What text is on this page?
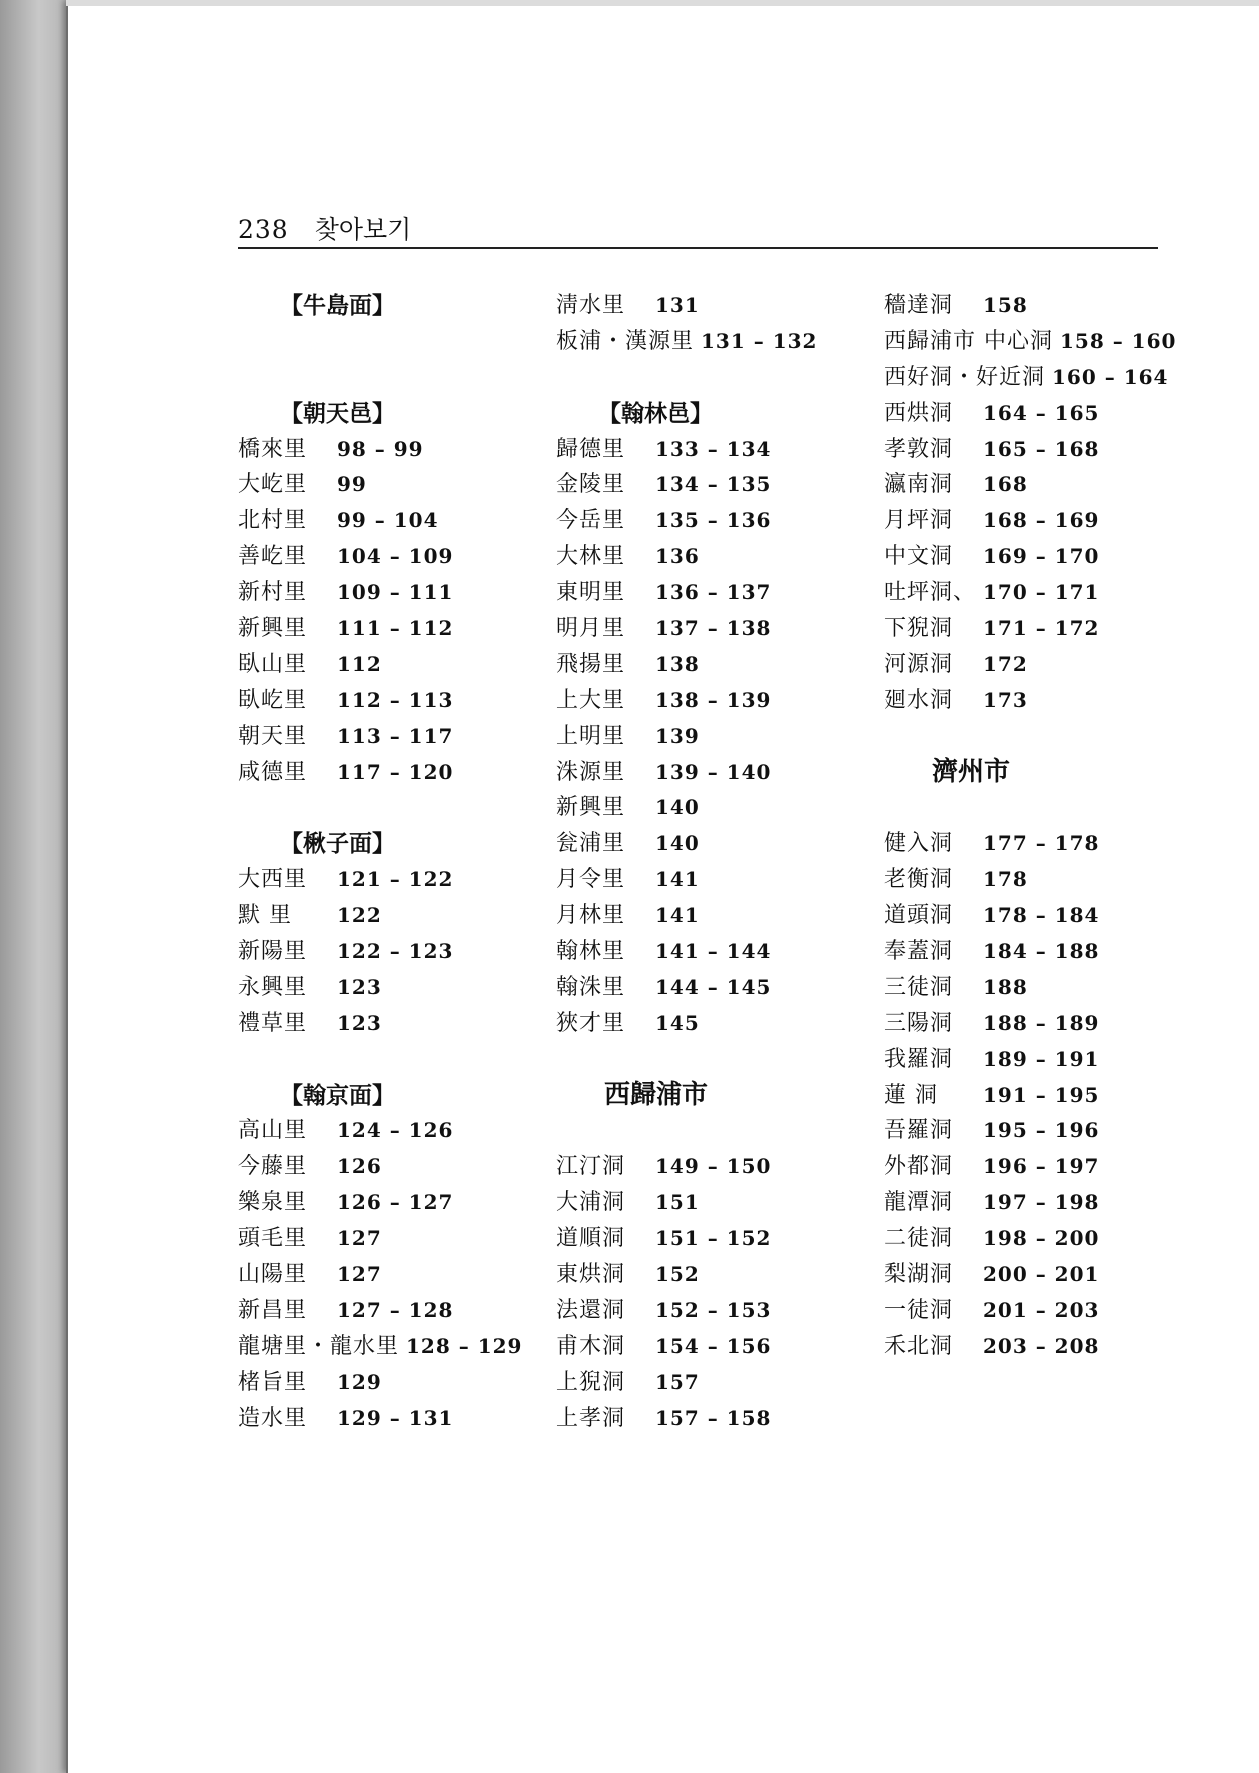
238 찾아보기
【牛島面】
【朝天邑】
橋來里 98 – 99
大屹里 99
北村里 99 – 104
善屹里 104 – 109
新村里 109 – 111
新興里 111 – 112
臥山里 112
臥屹里 112 – 113
朝天里 113 – 117
咸德里 117 – 120
【楸子面】
大西里 121 – 122
默 里 122
新陽里 122 – 123
永興里 123
禮草里 123
【翰京面】
高山里 124 – 126
今藤里 126
樂泉里 126 – 127
頭毛里 127
山陽里 127
新昌里 127 – 128
龍塘里・龍水里 128 – 129
楮旨里 129
造水里 129 – 131
淸水里 131
板浦・漢源里 131 – 132
【翰林邑】
歸德里 133 – 134
金陵里 134 – 135
今岳里 135 – 136
大林里 136
東明里 136 – 137
明月里 137 – 138
飛揚里 138
上大里 138 – 139
上明里 139
洙源里 139 – 140
新興里 140
瓮浦里 140
月令里 141
月林里 141
翰林里 141 – 144
翰洙里 144 – 145
狹才里 145
西歸浦市
江汀洞 149 – 150
大浦洞 151
道順洞 151 – 152
東烘洞 152
法還洞 152 – 153
甫木洞 154 – 156
上猊洞 157
上孝洞 157 – 158
穡達洞 158
西歸浦市 中心洞 158 – 160
西好洞・好近洞 160 – 164
西烘洞 164 – 165
孝敦洞 165 – 168
瀛南洞 168
月坪洞 168 – 169
中文洞 169 – 170
吐坪洞、 170 – 171
下猊洞 171 – 172
河源洞 172
廻水洞 173
濟州市
健入洞 177 – 178
老衡洞 178
道頭洞 178 – 184
奉蓋洞 184 – 188
三徒洞 188
三陽洞 188 – 189
我羅洞 189 – 191
蓮 洞 191 – 195
吾羅洞 195 – 196
外都洞 196 – 197
龍潭洞 197 – 198
二徒洞 198 – 200
梨湖洞 200 – 201
一徒洞 201 – 203
禾北洞 203 – 208
